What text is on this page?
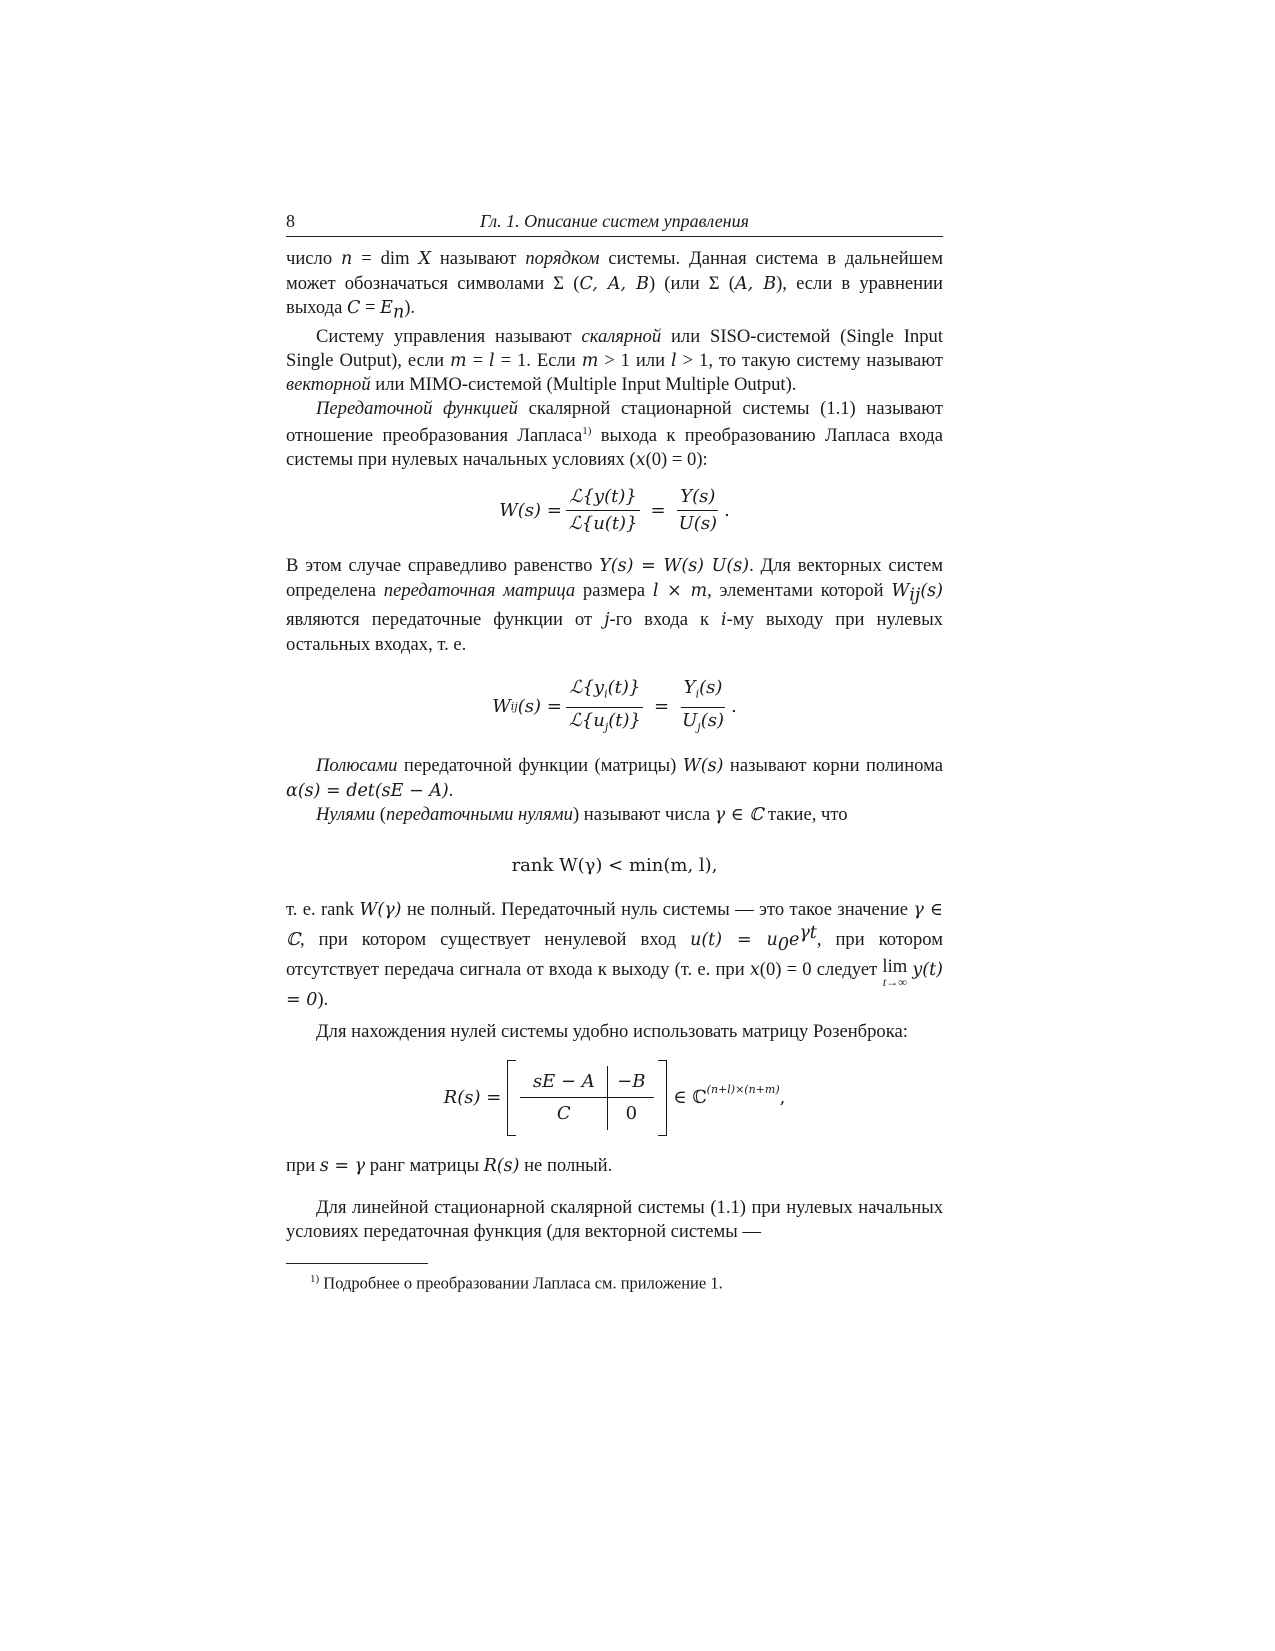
8	Гл. 1. Описание систем управления

число n = dim X называют порядком системы. Данная система в дальнейшем может обозначаться символами Σ (C, A, B) (или Σ (A, B), если в уравнении выхода $C = E_n$).

Систему управления называют скалярной или SISO-системой (Single Input Single Output), если m = l = 1. Если m > 1 или l > 1, то такую систему называют векторной или MIMO-системой (Multiple Input Multiple Output).

Передаточной функцией скалярной стационарной системы (1.1) называют отношение преобразования Лапласа$^{1)}$ выхода к преобразованию Лапласа входа системы при нулевых начальных условиях (x(0) = 0):

$W(s) = \frac{\text{ℒ\{y(t)\}}}{\text{ℒ\{u(t)\}}} = \frac{Y(s)}{U(s)}$ .

В этом случае справедливо равенство Y(s) = W(s) U(s). Для векторных систем определена передаточная матрица размера l × m, элементами которой $W_{ij}(s)$ являются передаточные функции от j-го входа к i-му выходу при нулевых остальных входах, т. е.

W ij $(s) = \frac{ℒ\{y_i(t)\}}{ℒ\{u_j(t)\}} = \frac{Y_i(s)}{U_j(s)}$ .

Полюсами передаточной функции (матрицы) W(s) называют корни полинома α(s) = det(sE − A).

Нулями (передаточными нулями) называют числа γ ∈ ℂ такие, что

rank W(γ) < min(m, l),

т. е. rank W(γ) не полный. Передаточный нуль системы — это такое значение γ ∈ ℂ, при котором существует ненулевой вход $u(t) = u_0e^{\gamma t}$, при котором отсутствует передача сигнала от входа к выходу (т. е. при x(0) = 0 следует lim
t→∞
y(t) = 0).

Для нахождения нулей системы удобно использовать матрицу Розенброка:

R(s) =
sE − A	−B
C	0
∈ ℂ$^{(n+l)\times(n+m)}$ ,

при s = γ ранг матрицы R(s) не полный.

Для линейной стационарной скалярной системы (1.1) при нулевых начальных условиях передаточная функция (для векторной системы —

$^{1)}$ Подробнее о преобразовании Лапласа см. приложение 1.
